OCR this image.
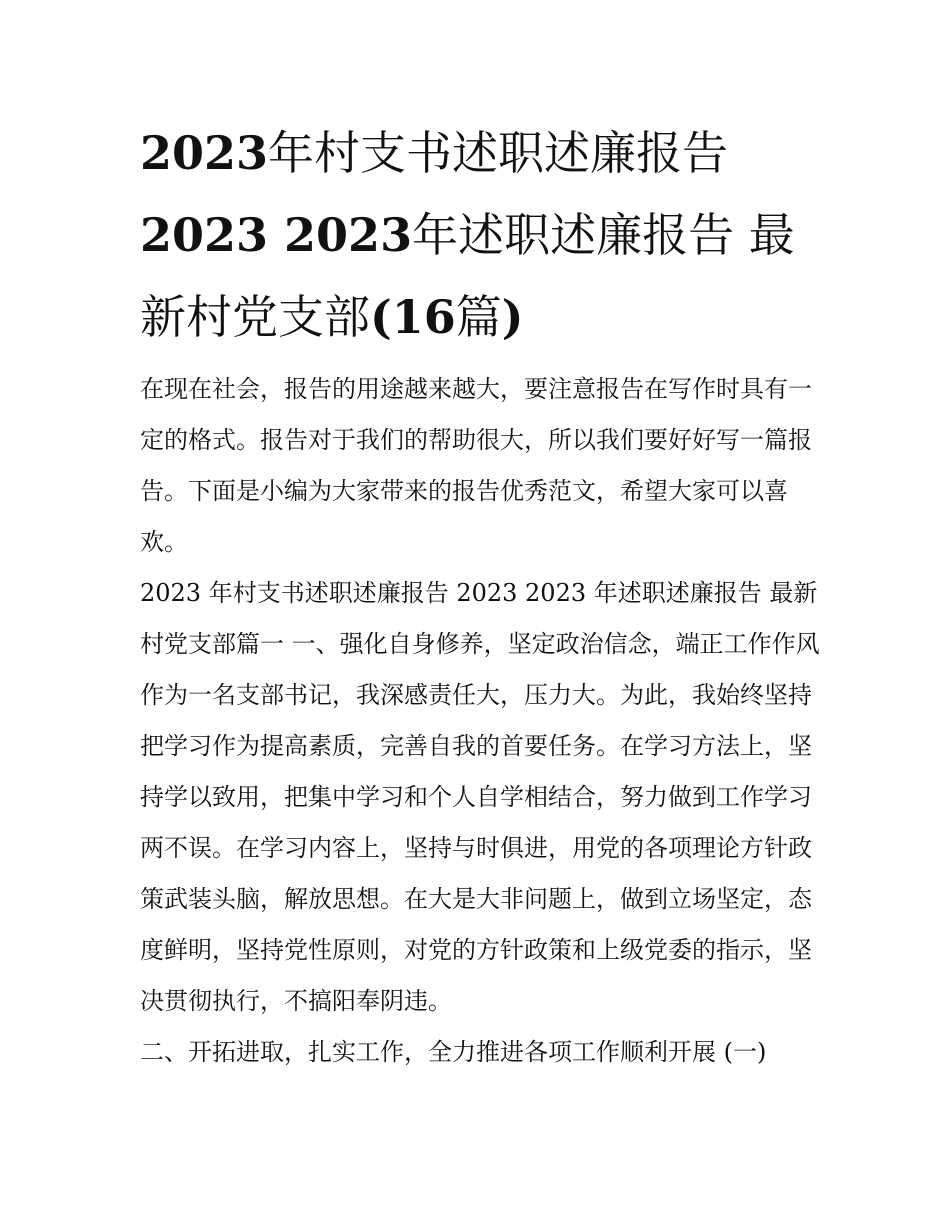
2023年村支书述职述廉报告
2023 2023年述职述廉报告 最
新村党支部(16篇)

在现在社会，报告的用途越来越大，要注意报告在写作时具有一定的格式。报告对于我们的帮助很大，所以我们要好好写一篇报告。下面是小编为大家带来的报告优秀范文，希望大家可以喜欢。

2023 年村支书述职述廉报告 2023 2023 年述职述廉报告 最新村党支部篇一 一、强化自身修养，坚定政治信念，端正工作作风

作为一名支部书记，我深感责任大，压力大。为此，我始终坚持把学习作为提高素质，完善自我的首要任务。在学习方法上，坚持学以致用，把集中学习和个人自学相结合，努力做到工作学习两不误。在学习内容上，坚持与时俱进，用党的各项理论方针政策武装头脑，解放思想。在大是大非问题上，做到立场坚定，态度鲜明，坚持党性原则，对党的方针政策和上级党委的指示，坚决贯彻执行，不搞阳奉阴违。

二、开拓进取，扎实工作，全力推进各项工作顺利开展 (一)
